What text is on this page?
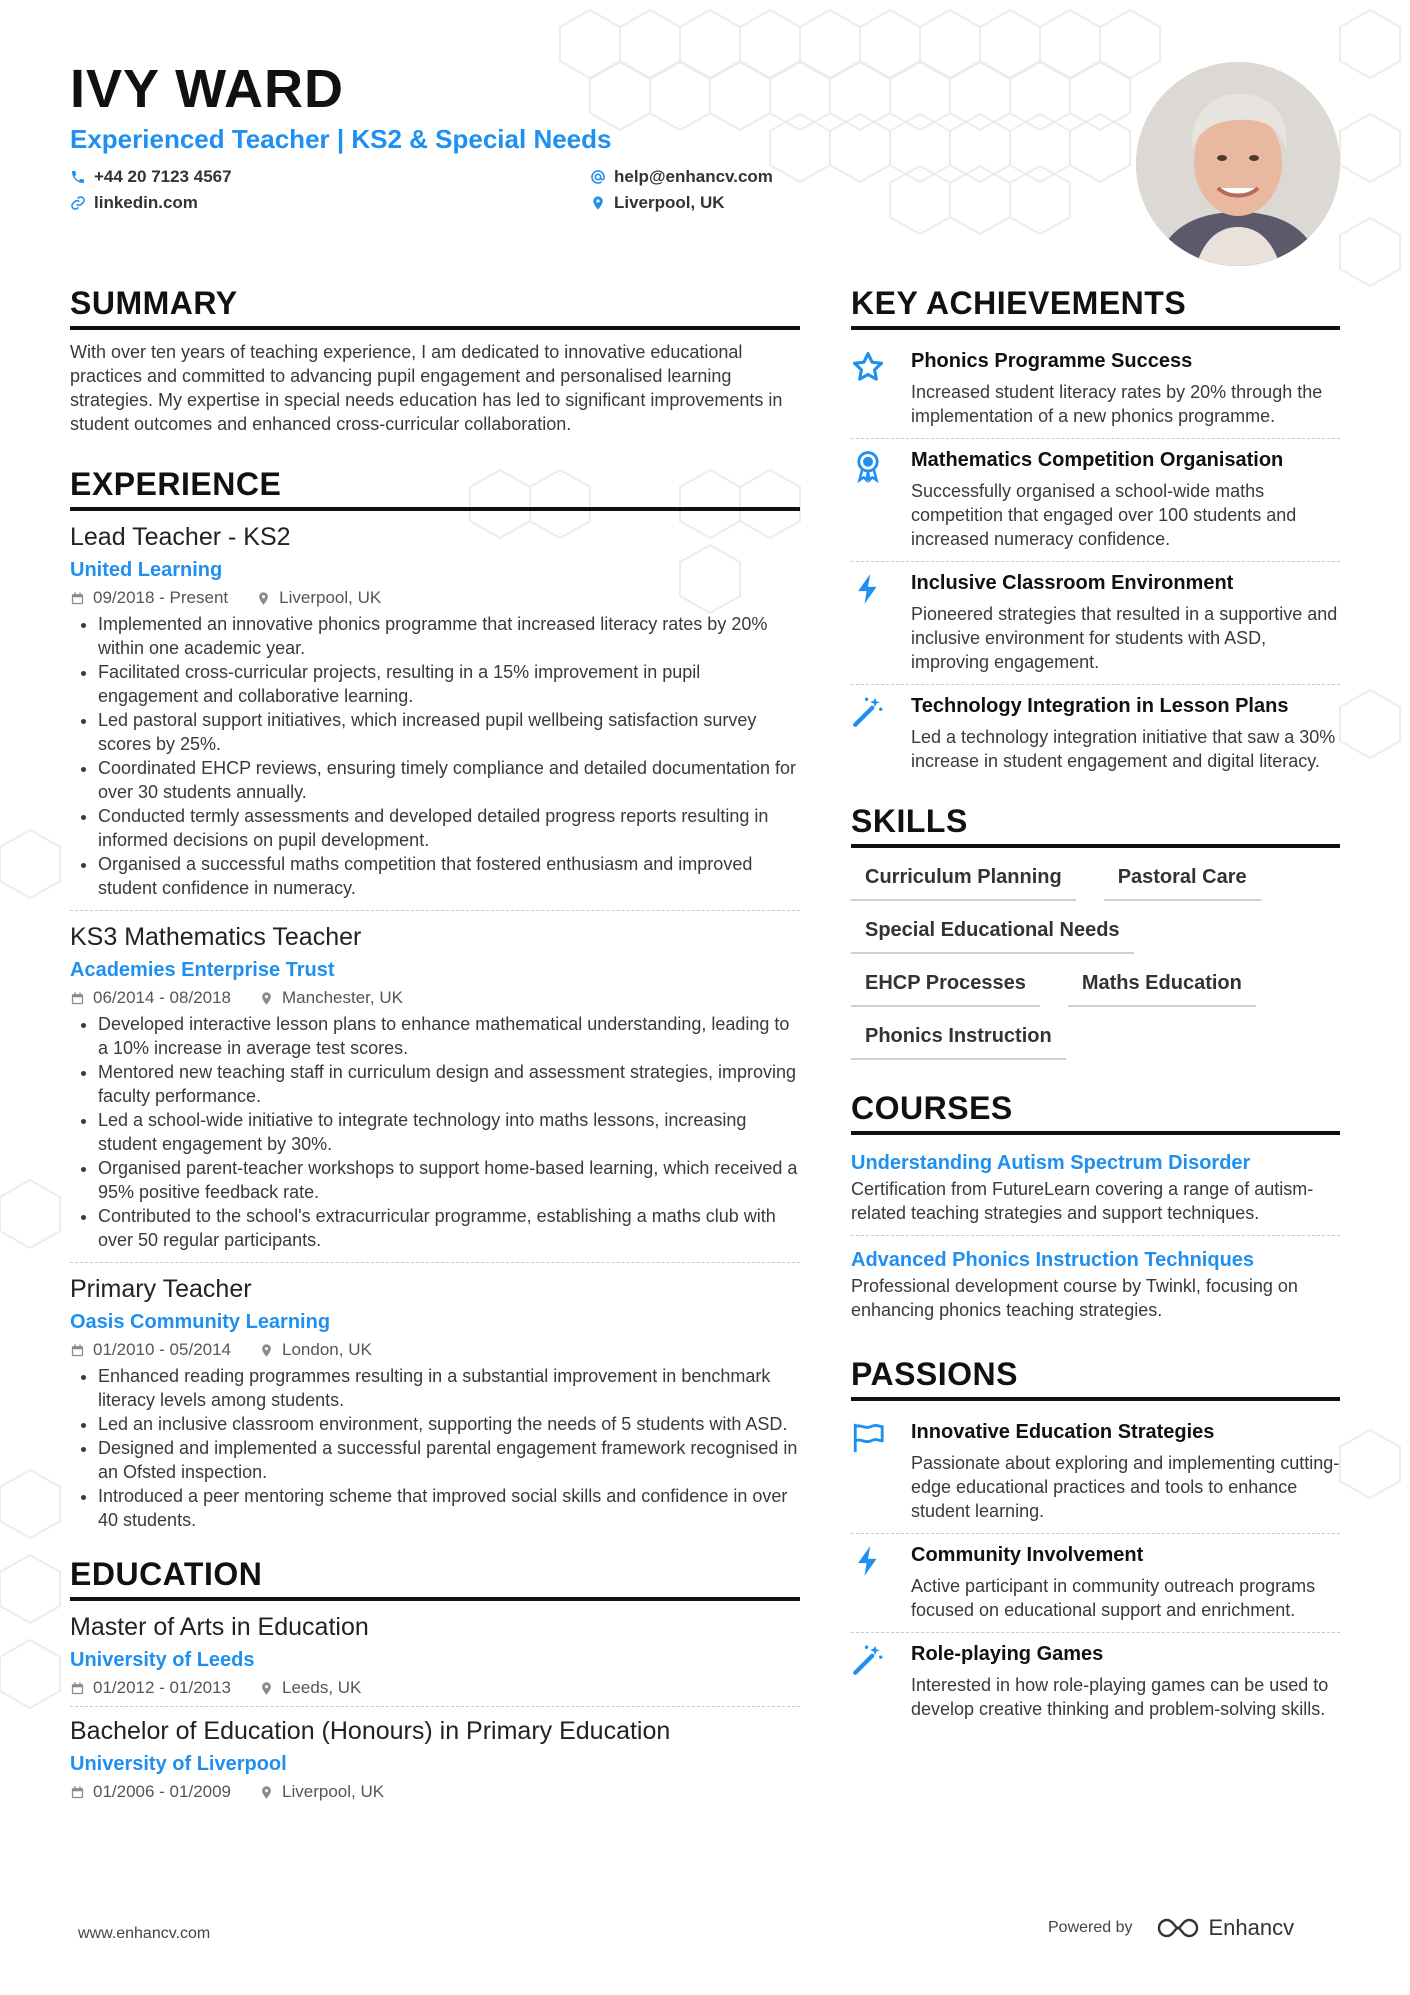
IVY WARD
Experienced Teacher | KS2 & Special Needs
+44 20 7123 4567	help@enhancv.com
linkedin.com	Liverpool, UK
SUMMARY
With over ten years of teaching experience, I am dedicated to innovative educational practices and committed to advancing pupil engagement and personalised learning strategies. My expertise in special needs education has led to significant improvements in student outcomes and enhanced cross-curricular collaboration.
EXPERIENCE
Lead Teacher - KS2
United Learning
09/2018 - Present	Liverpool, UK
• Implemented an innovative phonics programme that increased literacy rates by 20% within one academic year.
• Facilitated cross-curricular projects, resulting in a 15% improvement in pupil engagement and collaborative learning.
• Led pastoral support initiatives, which increased pupil wellbeing satisfaction survey scores by 25%.
• Coordinated EHCP reviews, ensuring timely compliance and detailed documentation for over 30 students annually.
• Conducted termly assessments and developed detailed progress reports resulting in informed decisions on pupil development.
• Organised a successful maths competition that fostered enthusiasm and improved student confidence in numeracy.
KS3 Mathematics Teacher
Academies Enterprise Trust
06/2014 - 08/2018	Manchester, UK
• Developed interactive lesson plans to enhance mathematical understanding, leading to a 10% increase in average test scores.
• Mentored new teaching staff in curriculum design and assessment strategies, improving faculty performance.
• Led a school-wide initiative to integrate technology into maths lessons, increasing student engagement by 30%.
• Organised parent-teacher workshops to support home-based learning, which received a 95% positive feedback rate.
• Contributed to the school's extracurricular programme, establishing a maths club with over 50 regular participants.
Primary Teacher
Oasis Community Learning
01/2010 - 05/2014	London, UK
• Enhanced reading programmes resulting in a substantial improvement in benchmark literacy levels among students.
• Led an inclusive classroom environment, supporting the needs of 5 students with ASD.
• Designed and implemented a successful parental engagement framework recognised in an Ofsted inspection.
• Introduced a peer mentoring scheme that improved social skills and confidence in over 40 students.
EDUCATION
Master of Arts in Education
University of Leeds
01/2012 - 01/2013	Leeds, UK
Bachelor of Education (Honours) in Primary Education
University of Liverpool
01/2006 - 01/2009	Liverpool, UK
KEY ACHIEVEMENTS
Phonics Programme Success
Increased student literacy rates by 20% through the implementation of a new phonics programme.
Mathematics Competition Organisation
Successfully organised a school-wide maths competition that engaged over 100 students and increased numeracy confidence.
Inclusive Classroom Environment
Pioneered strategies that resulted in a supportive and inclusive environment for students with ASD, improving engagement.
Technology Integration in Lesson Plans
Led a technology integration initiative that saw a 30% increase in student engagement and digital literacy.
SKILLS
Curriculum Planning	Pastoral Care
Special Educational Needs
EHCP Processes	Maths Education
Phonics Instruction
COURSES
Understanding Autism Spectrum Disorder
Certification from FutureLearn covering a range of autism-related teaching strategies and support techniques.
Advanced Phonics Instruction Techniques
Professional development course by Twinkl, focusing on enhancing phonics teaching strategies.
PASSIONS
Innovative Education Strategies
Passionate about exploring and implementing cutting-edge educational practices and tools to enhance student learning.
Community Involvement
Active participant in community outreach programs focused on educational support and enrichment.
Role-playing Games
Interested in how role-playing games can be used to develop creative thinking and problem-solving skills.
www.enhancv.com	Powered by	Enhancv
